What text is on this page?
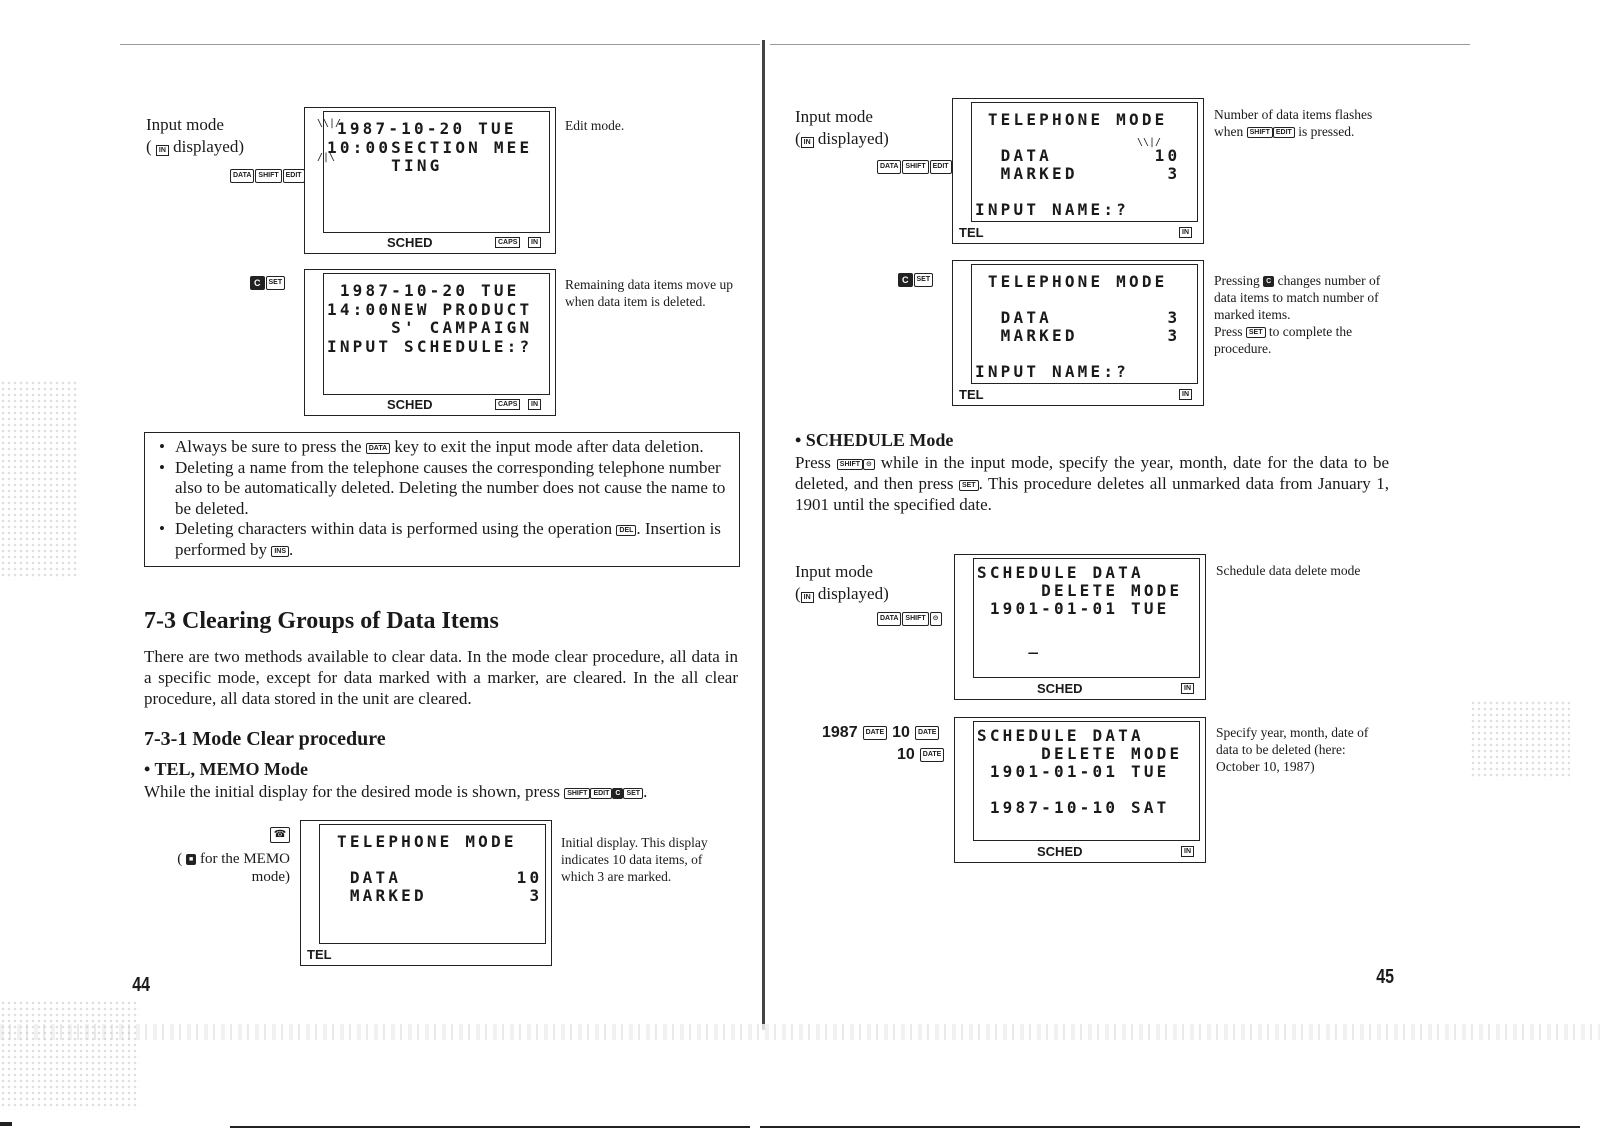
Input mode
( IN displayed)
DATA	SHIFT	EDIT
1987-10-20 TUE
10:00SECTION MEE
TING
\\|/
/|\
SCHED	CAPS	IN
Edit mode.
C	SET	1987-10-20 TUE
14:00NEW PRODUCT
S' CAMPAIGN
INPUT SCHEDULE:?
SCHED	CAPS	IN
Remaining data items move up when data item is deleted.
• Always be sure to press the DATA key to exit the input mode after data deletion.
• Deleting a name from the telephone causes the corresponding telephone number also to be automatically deleted. Deleting the number does not cause the name to be deleted.
• Deleting characters within data is performed using the operation DEL . Insertion is performed by INS .
7-3 Clearing Groups of Data Items
There are two methods available to clear data. In the mode clear procedure, all data in a specific mode, except for data marked with a marker, are cleared. In the all clear procedure, all data stored in the unit are cleared.
7-3-1 Mode Clear procedure
• TEL, MEMO Mode
While the initial display for the desired mode is shown, press SHIFT EDIT C SET .
☎
( ■ for the MEMO
mode)
TELEPHONE MODE
DATA         10
MARKED        3
TEL
Initial display. This display indicates 10 data items, of which 3 are marked.
44
Input mode
( IN displayed)
DATA	SHIFT	EDIT
TELEPHONE MODE
DATA        10
MARKED       3
INPUT NAME:?
\\|/
TEL	IN
Number of data items flashes when SHIFT EDIT is pressed.
C	SET	TELEPHONE MODE
DATA         3
MARKED       3
INPUT NAME:?
TEL	IN
Pressing C changes number of data items to match number of marked items.
Press SET to complete the procedure.
• SCHEDULE Mode
Press SHIFT ⊝ while in the input mode, specify the year, month, date for the data to be deleted, and then press SET . This procedure deletes all unmarked data from January 1, 1901 until the specified date.
Input mode
( IN displayed)
DATA	SHIFT	⊝
SCHEDULE DATA
DELETE MODE
1901-01-01 TUE
_
SCHED	IN
Schedule data delete mode
1987	DATE 10	DATE
10	DATE
SCHEDULE DATA
DELETE MODE
1901-01-01 TUE
1987-10-10 SAT
SCHED	IN
Specify year, month, date of data to be deleted (here: October 10, 1987)
45
